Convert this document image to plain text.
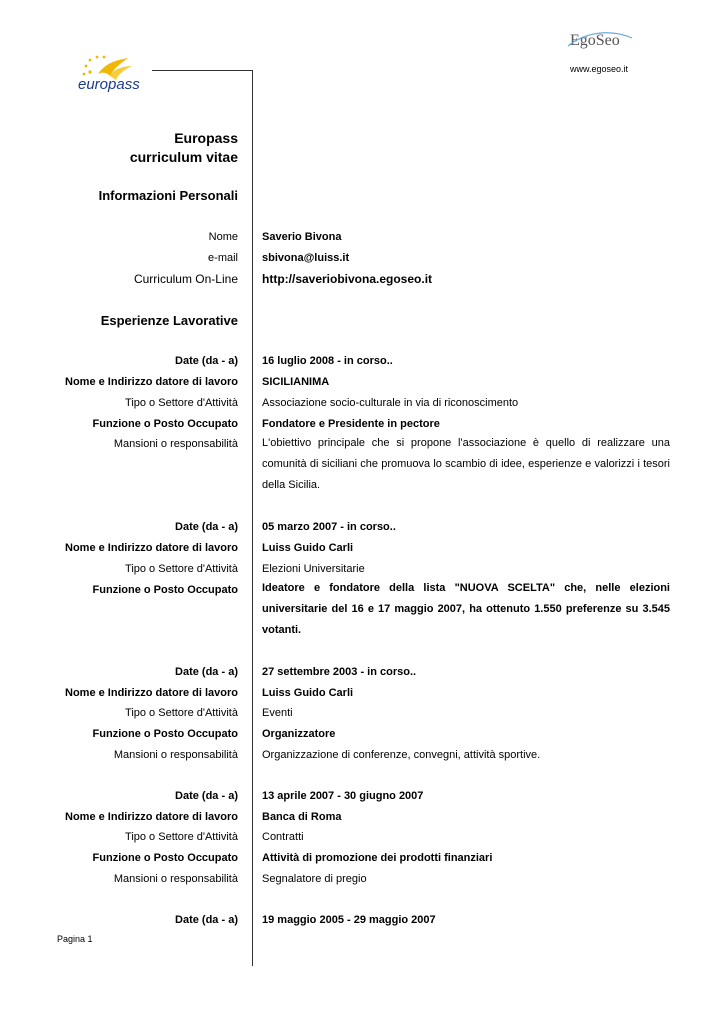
europass
EgoSeo
www.egoseo.it
Europass
curriculum vitae
Informazioni Personali
Nome Saverio Bivona
e-mail sbivona@luiss.it
Curriculum On-Line http://saveriobivona.egoseo.it
Esperienze Lavorative
Date (da - a) 16 luglio 2008 - in corso..
Nome e Indirizzo datore di lavoro SICILIANIMA
Tipo o Settore d'Attività Associazione socio-culturale in via di riconoscimento
Funzione o Posto Occupato Fondatore e Presidente in pectore
Mansioni o responsabilità L'obiettivo principale che si propone l'associazione è quello di realizzare una comunità di siciliani che promuova lo scambio di idee, esperienze e valorizzi i tesori della Sicilia.
Date (da - a) 05 marzo 2007 - in corso..
Nome e Indirizzo datore di lavoro Luiss Guido Carli
Tipo o Settore d'Attività Elezioni Universitarie
Funzione o Posto Occupato Ideatore e fondatore della lista "NUOVA SCELTA" che, nelle elezioni universitarie del 16 e 17 maggio 2007, ha ottenuto 1.550 preferenze su 3.545 votanti.
Date (da - a) 27 settembre 2003 - in corso..
Nome e Indirizzo datore di lavoro Luiss Guido Carli
Tipo o Settore d'Attività Eventi
Funzione o Posto Occupato Organizzatore
Mansioni o responsabilità Organizzazione di conferenze, convegni, attività sportive.
Date (da - a) 13 aprile 2007 - 30 giugno 2007
Nome e Indirizzo datore di lavoro Banca di Roma
Tipo o Settore d'Attività Contratti
Funzione o Posto Occupato Attività di promozione dei prodotti finanziari
Mansioni o responsabilità Segnalatore di pregio
Date (da - a) 19 maggio 2005 - 29 maggio 2007
Pagina 1
